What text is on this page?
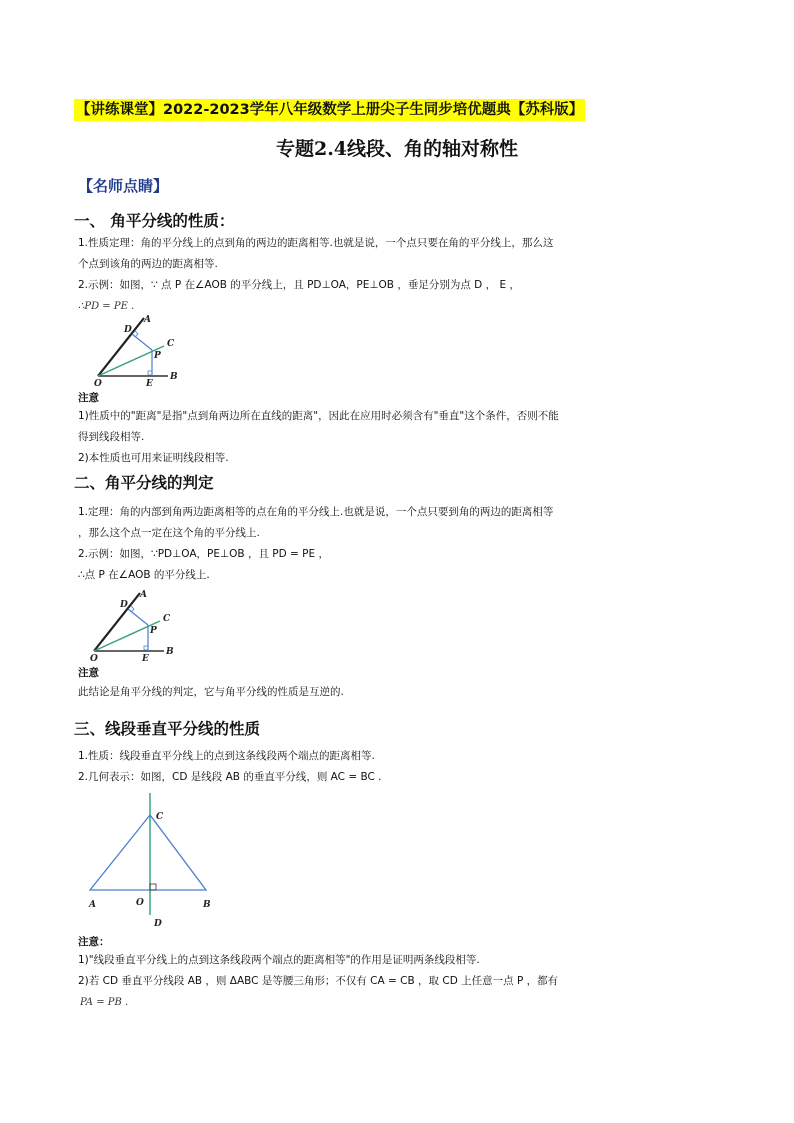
【讲练课堂】2022-2023学年八年级数学上册尖子生同步培优题典【苏科版】
专题2.4线段、角的轴对称性
【名师点睛】
一、 角平分线的性质：
1.性质定理：角的平分线上的点到角的两边的距离相等.也就是说，一个点只要在角的平分线上，那么这
个点到该角的两边的距离相等.
2.示例：如图，∵ 点 P 在∠AOB 的平分线上，且 PD⊥OA，PE⊥OB ，垂足分别为点 D ， E ，
∴PD = PE .
A
B
C
D
E
O
P
注意
1)性质中的"距离"是指"点到角两边所在直线的距离"，因此在应用时必须含有"垂直"这个条件，否则不能
得到线段相等.
2)本性质也可用来证明线段相等.
二、角平分线的判定
1.定理：角的内部到角两边距离相等的点在角的平分线上.也就是说，一个点只要到角的两边的距离相等
，那么这个点一定在这个角的平分线上.
2.示例：如图，∵PD⊥OA，PE⊥OB ，且 PD = PE ，
∴点 P 在∠AOB 的平分线上.
A
B
C
D
E
O
P
注意
此结论是角平分线的判定，它与角平分线的性质是互逆的.
三、线段垂直平分线的性质
1.性质：线段垂直平分线上的点到这条线段两个端点的距离相等.
2.几何表示：如图，CD 是线段 AB 的垂直平分线，则 AC = BC .
C
A	O	B
D
注意：
1)"线段垂直平分线上的点到这条线段两个端点的距离相等"的作用是证明两条线段相等.
2)若 CD 垂直平分线段 AB ，则 ΔABC 是等腰三角形；不仅有 CA = CB ，取 CD 上任意一点 P ，都有
PA = PB .
